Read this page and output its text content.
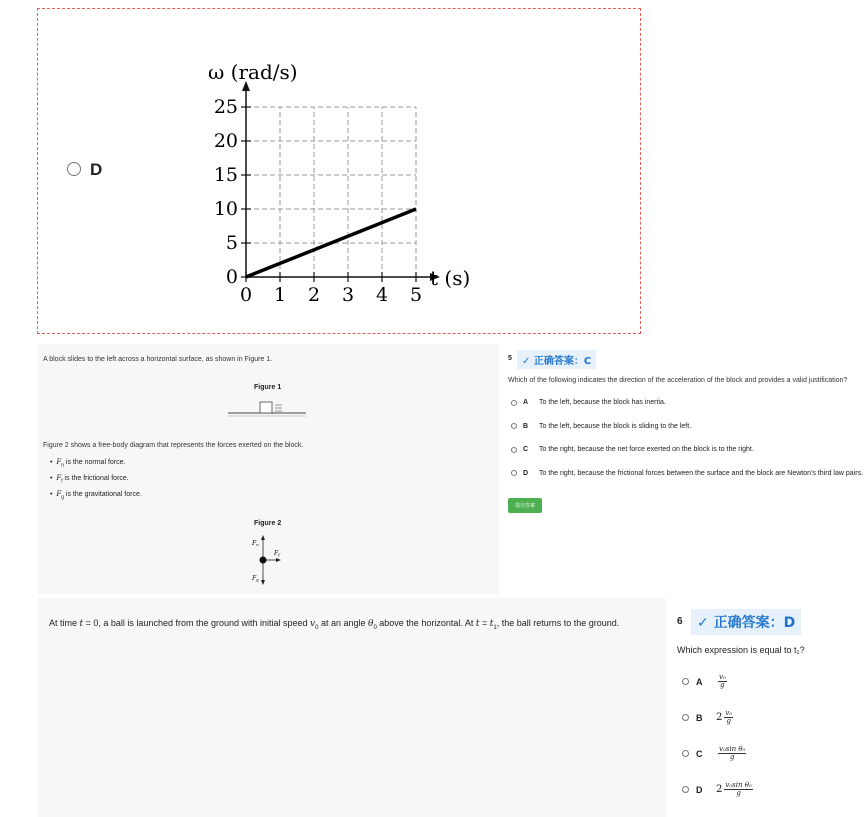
D
0 1 2 3 4 5
0
5
10
15
20
25
ω (rad/s)
t (s)
A block slides to the left across a horizontal surface, as shown in Figure 1.
Figure 1
Figure 2 shows a free-body diagram that represents the forces exerted on the block.
•  $F_n$ is the normal force.
•  $F_f$ is the frictional force.
•  $F_g$ is the gravitational force.
Figure 2
Fn
Ff
Fg
5	✓ 正确答案：C
Which of the following indicates the direction of the acceleration of the block and provides a valid justification?
A	To the left, because the block has inertia.
B	To the left, because the block is sliding to the left.
C	To the right, because the net force exerted on the block is to the right.
D	To the right, because the frictional forces between the surface and the block are Newton’s third law pairs.
提交答案
At time t = 0, a ball is launched from the ground with initial speed $v_0$ at an angle $\theta_0$ above the horizontal. At $t = t_1$, the ball returns to the ground.	6	✓ 正确答案：D
Which expression is equal to t₁?
A	$\frac{\text{v₀}}{g}$
B	$2 \frac{\text{v₀}}{g}$
C	$\frac{\text{v₀sin θ₀}}{g}$
D	$2 \frac{\text{v₀sin θ₀}}{g}$
